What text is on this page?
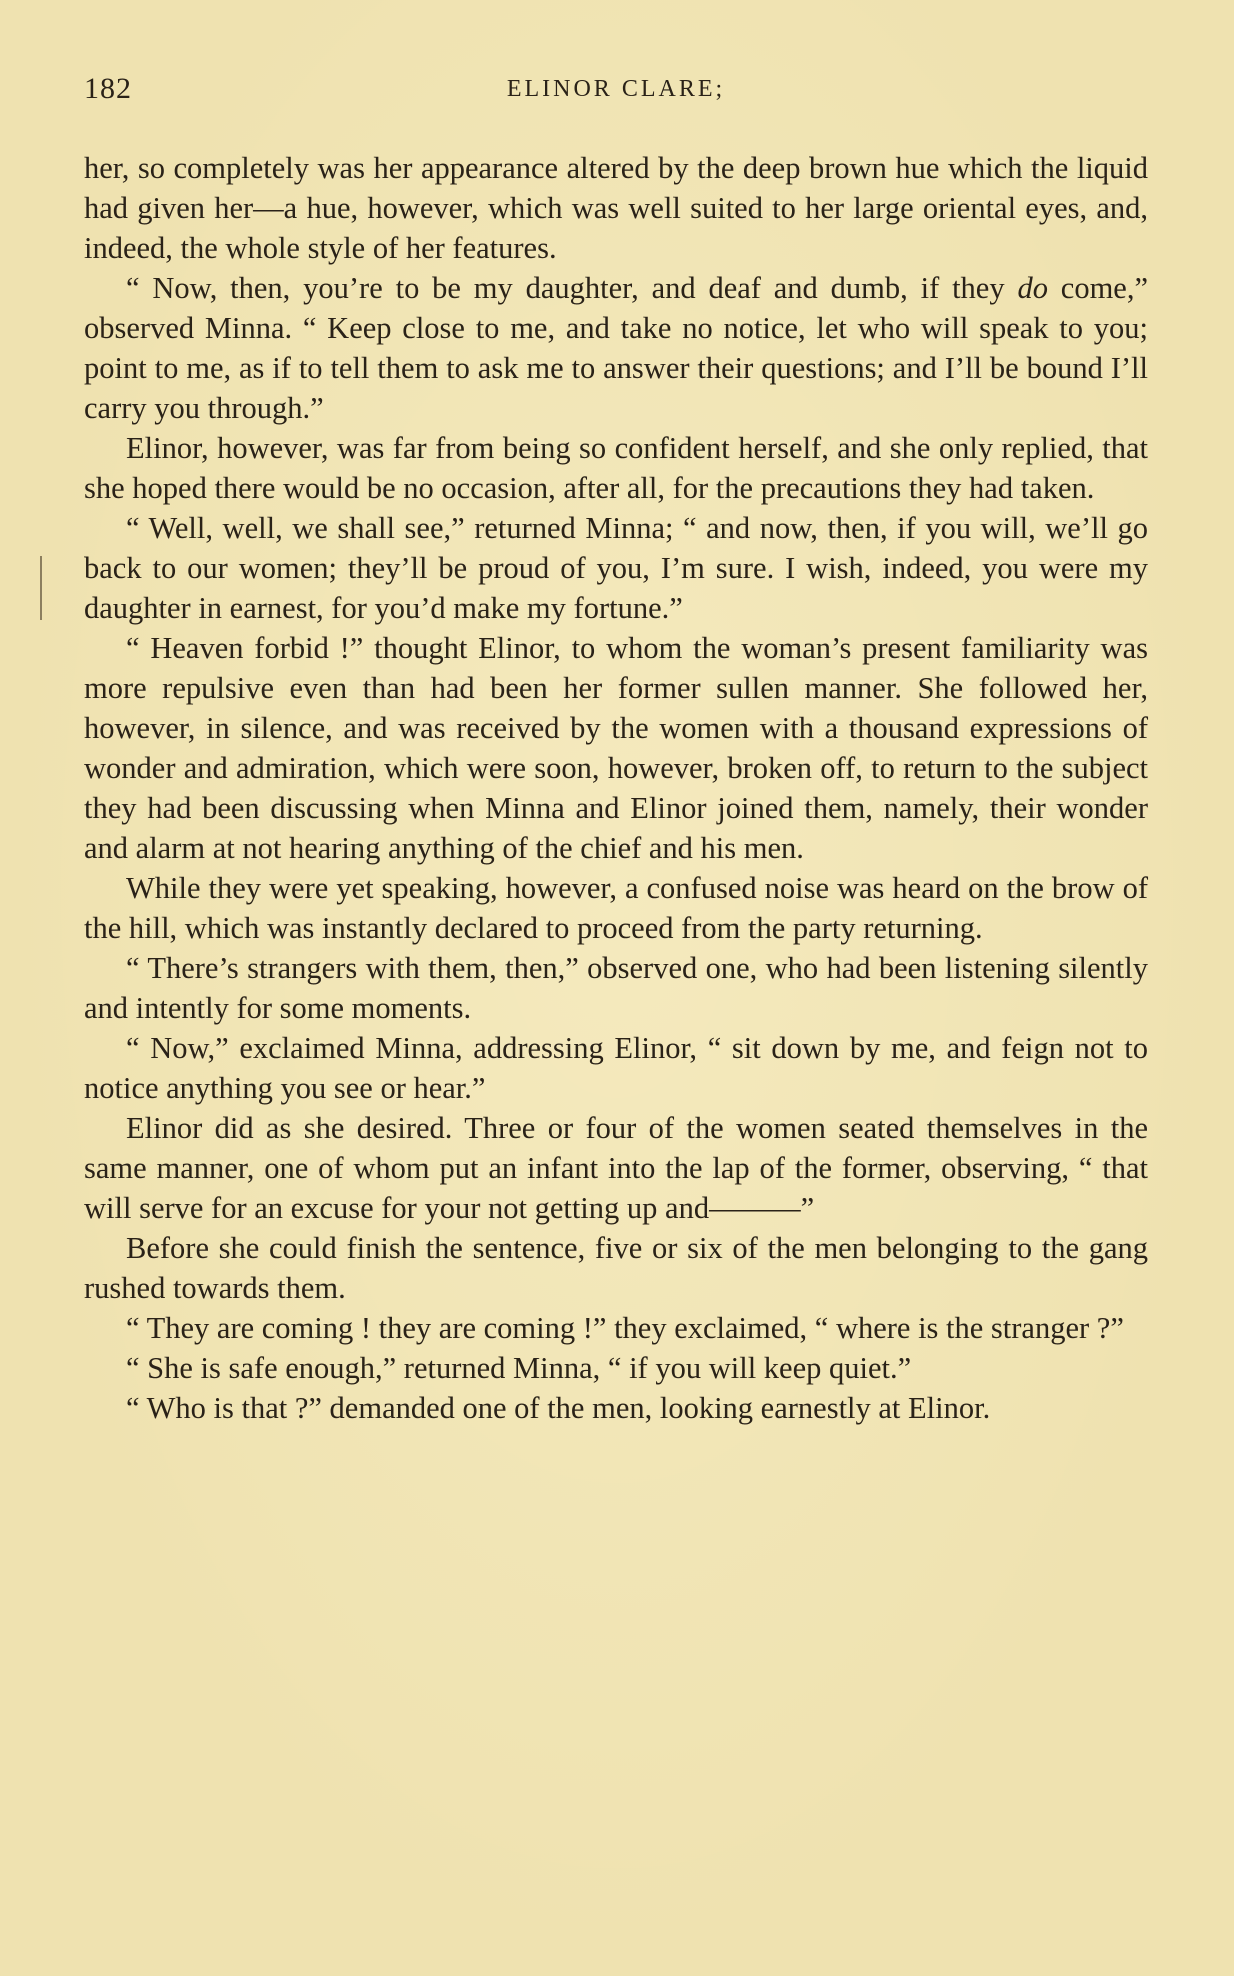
182	ELINOR CLARE;

her, so completely was her appearance altered by the deep brown hue which the liquid had given her—a hue, however, which was well suited to her large oriental eyes, and, indeed, the whole style of her features.

“ Now, then, you’re to be my daughter, and deaf and dumb, if they do come,” observed Minna. “ Keep close to me, and take no notice, let who will speak to you; point to me, as if to tell them to ask me to answer their questions; and I’ll be bound I’ll carry you through.”

Elinor, however, was far from being so confident herself, and she only replied, that she hoped there would be no occasion, after all, for the precautions they had taken.

“ Well, well, we shall see,” returned Minna; “ and now, then, if you will, we’ll go back to our women; they’ll be proud of you, I’m sure. I wish, indeed, you were my daughter in earnest, for you’d make my fortune.”

“ Heaven forbid !” thought Elinor, to whom the woman’s present familiarity was more repulsive even than had been her former sullen manner. She followed her, however, in silence, and was received by the women with a thousand expressions of wonder and admiration, which were soon, however, broken off, to return to the subject they had been discussing when Minna and Elinor joined them, namely, their wonder and alarm at not hearing anything of the chief and his men.

While they were yet speaking, however, a confused noise was heard on the brow of the hill, which was instantly declared to proceed from the party returning.

“ There’s strangers with them, then,” observed one, who had been listening silently and intently for some moments.

“ Now,” exclaimed Minna, addressing Elinor, “ sit down by me, and feign not to notice anything you see or hear.”

Elinor did as she desired. Three or four of the women seated themselves in the same manner, one of whom put an infant into the lap of the former, observing, “ that will serve for an excuse for your not getting up and———”

Before she could finish the sentence, five or six of the men belonging to the gang rushed towards them.

“ They are coming ! they are coming !” they exclaimed, “ where is the stranger ?”

“ She is safe enough,” returned Minna, “ if you will keep quiet.”

“ Who is that ?” demanded one of the men, looking earnestly at Elinor.
